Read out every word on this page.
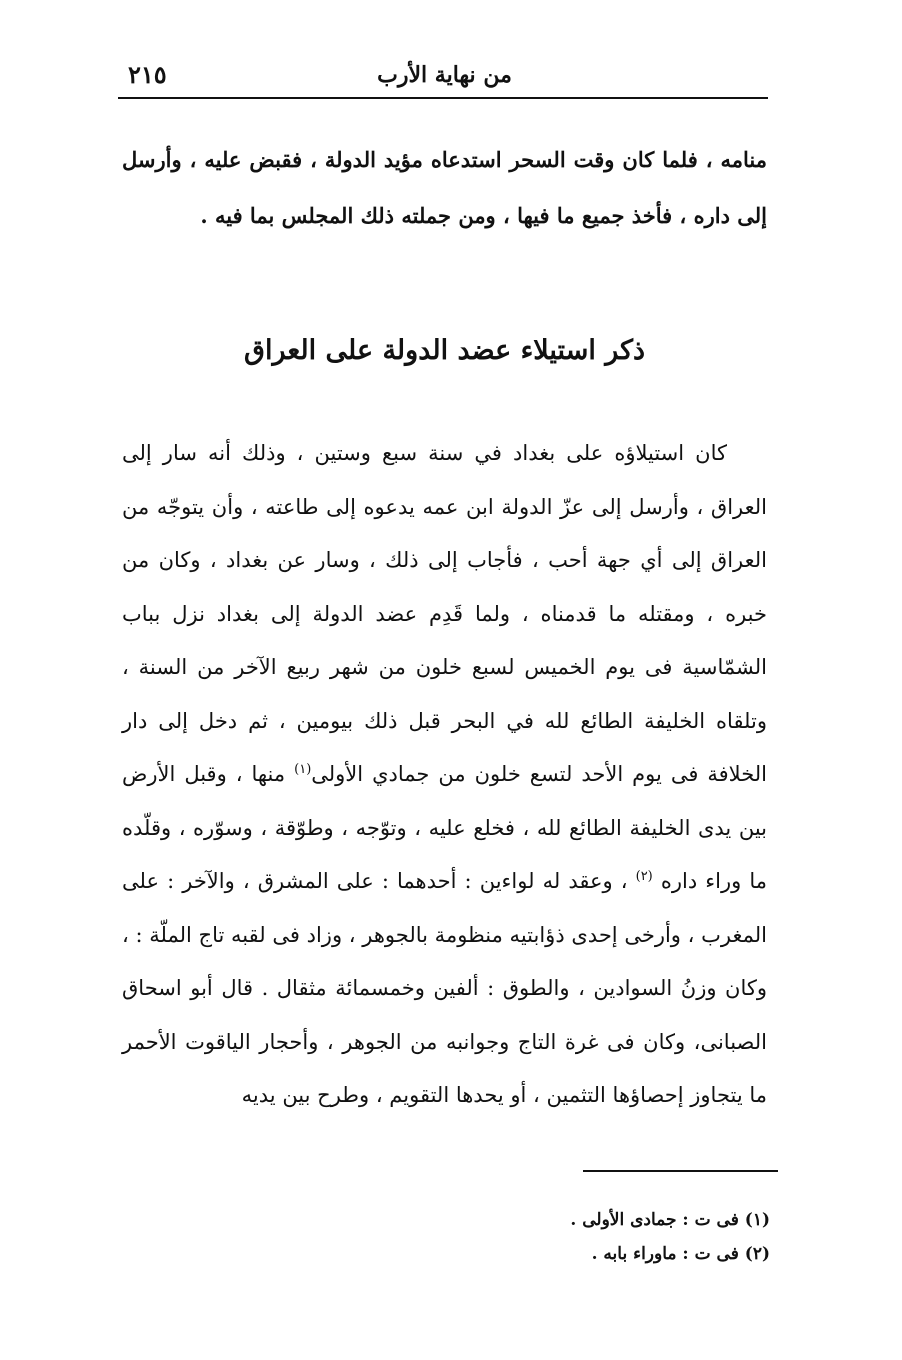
من نهاية الأرب
٢١٥

منامه ، فلما كان وقت السحر استدعاه مؤيد الدولة ، فقبض عليه ، وأرسل إلى داره ، فأخذ جميع ما فيها ، ومن جملته ذلك المجلس بما فيه .

ذكر استيلاء عضد الدولة على العراق

كان استيلاؤه على بغداد في سنة سبع وستين ، وذلك أنه سار إلى العراق ، وأرسل إلى عزّ الدولة ابن عمه يدعوه إلى طاعته ، وأن يتوجّه من العراق إلى أي جهة أحب ، فأجاب إلى ذلك ، وسار عن بغداد ، وكان من خبره ، ومقتله ما قدمناه ، ولما قَدِم عضد الدولة إلى بغداد نزل بباب الشمّاسية فى يوم الخميس لسبع خلون من شهر ربيع الآخر من السنة ، وتلقاه الخليفة الطائع لله في البحر قبل ذلك بيومين ، ثم دخل إلى دار الخلافة فى يوم الأحد لتسع خلون من جمادي الأولى$^{(١)}$ منها ، وقبل الأرض بين يدى الخليفة الطائع لله ، فخلع عليه ، وتوّجه ، وطوّقة ، وسوّره ، وقلّده ما وراء داره $^{(٢)}$ ، وعقد له لواءين : أحدهما : على المشرق ، والآخر : على المغرب ، وأرخى إحدى ذؤابتيه منظومة بالجوهر ، وزاد فى لقبه تاج الملّة : ، وكان وزنُ السوادين ، والطوق : ألفين وخمسمائة مثقال . قال أبو اسحاق الصبانى، وكان فى غرة التاج وجوانبه من الجوهر ، وأحجار الياقوت الأحمر ما يتجاوز إحصاؤها التثمين ، أو يحدها التقويم ، وطرح بين يديه

(١) فى ت : جمادى الأولى .
(٢) فى ت : ماوراء بابه .
